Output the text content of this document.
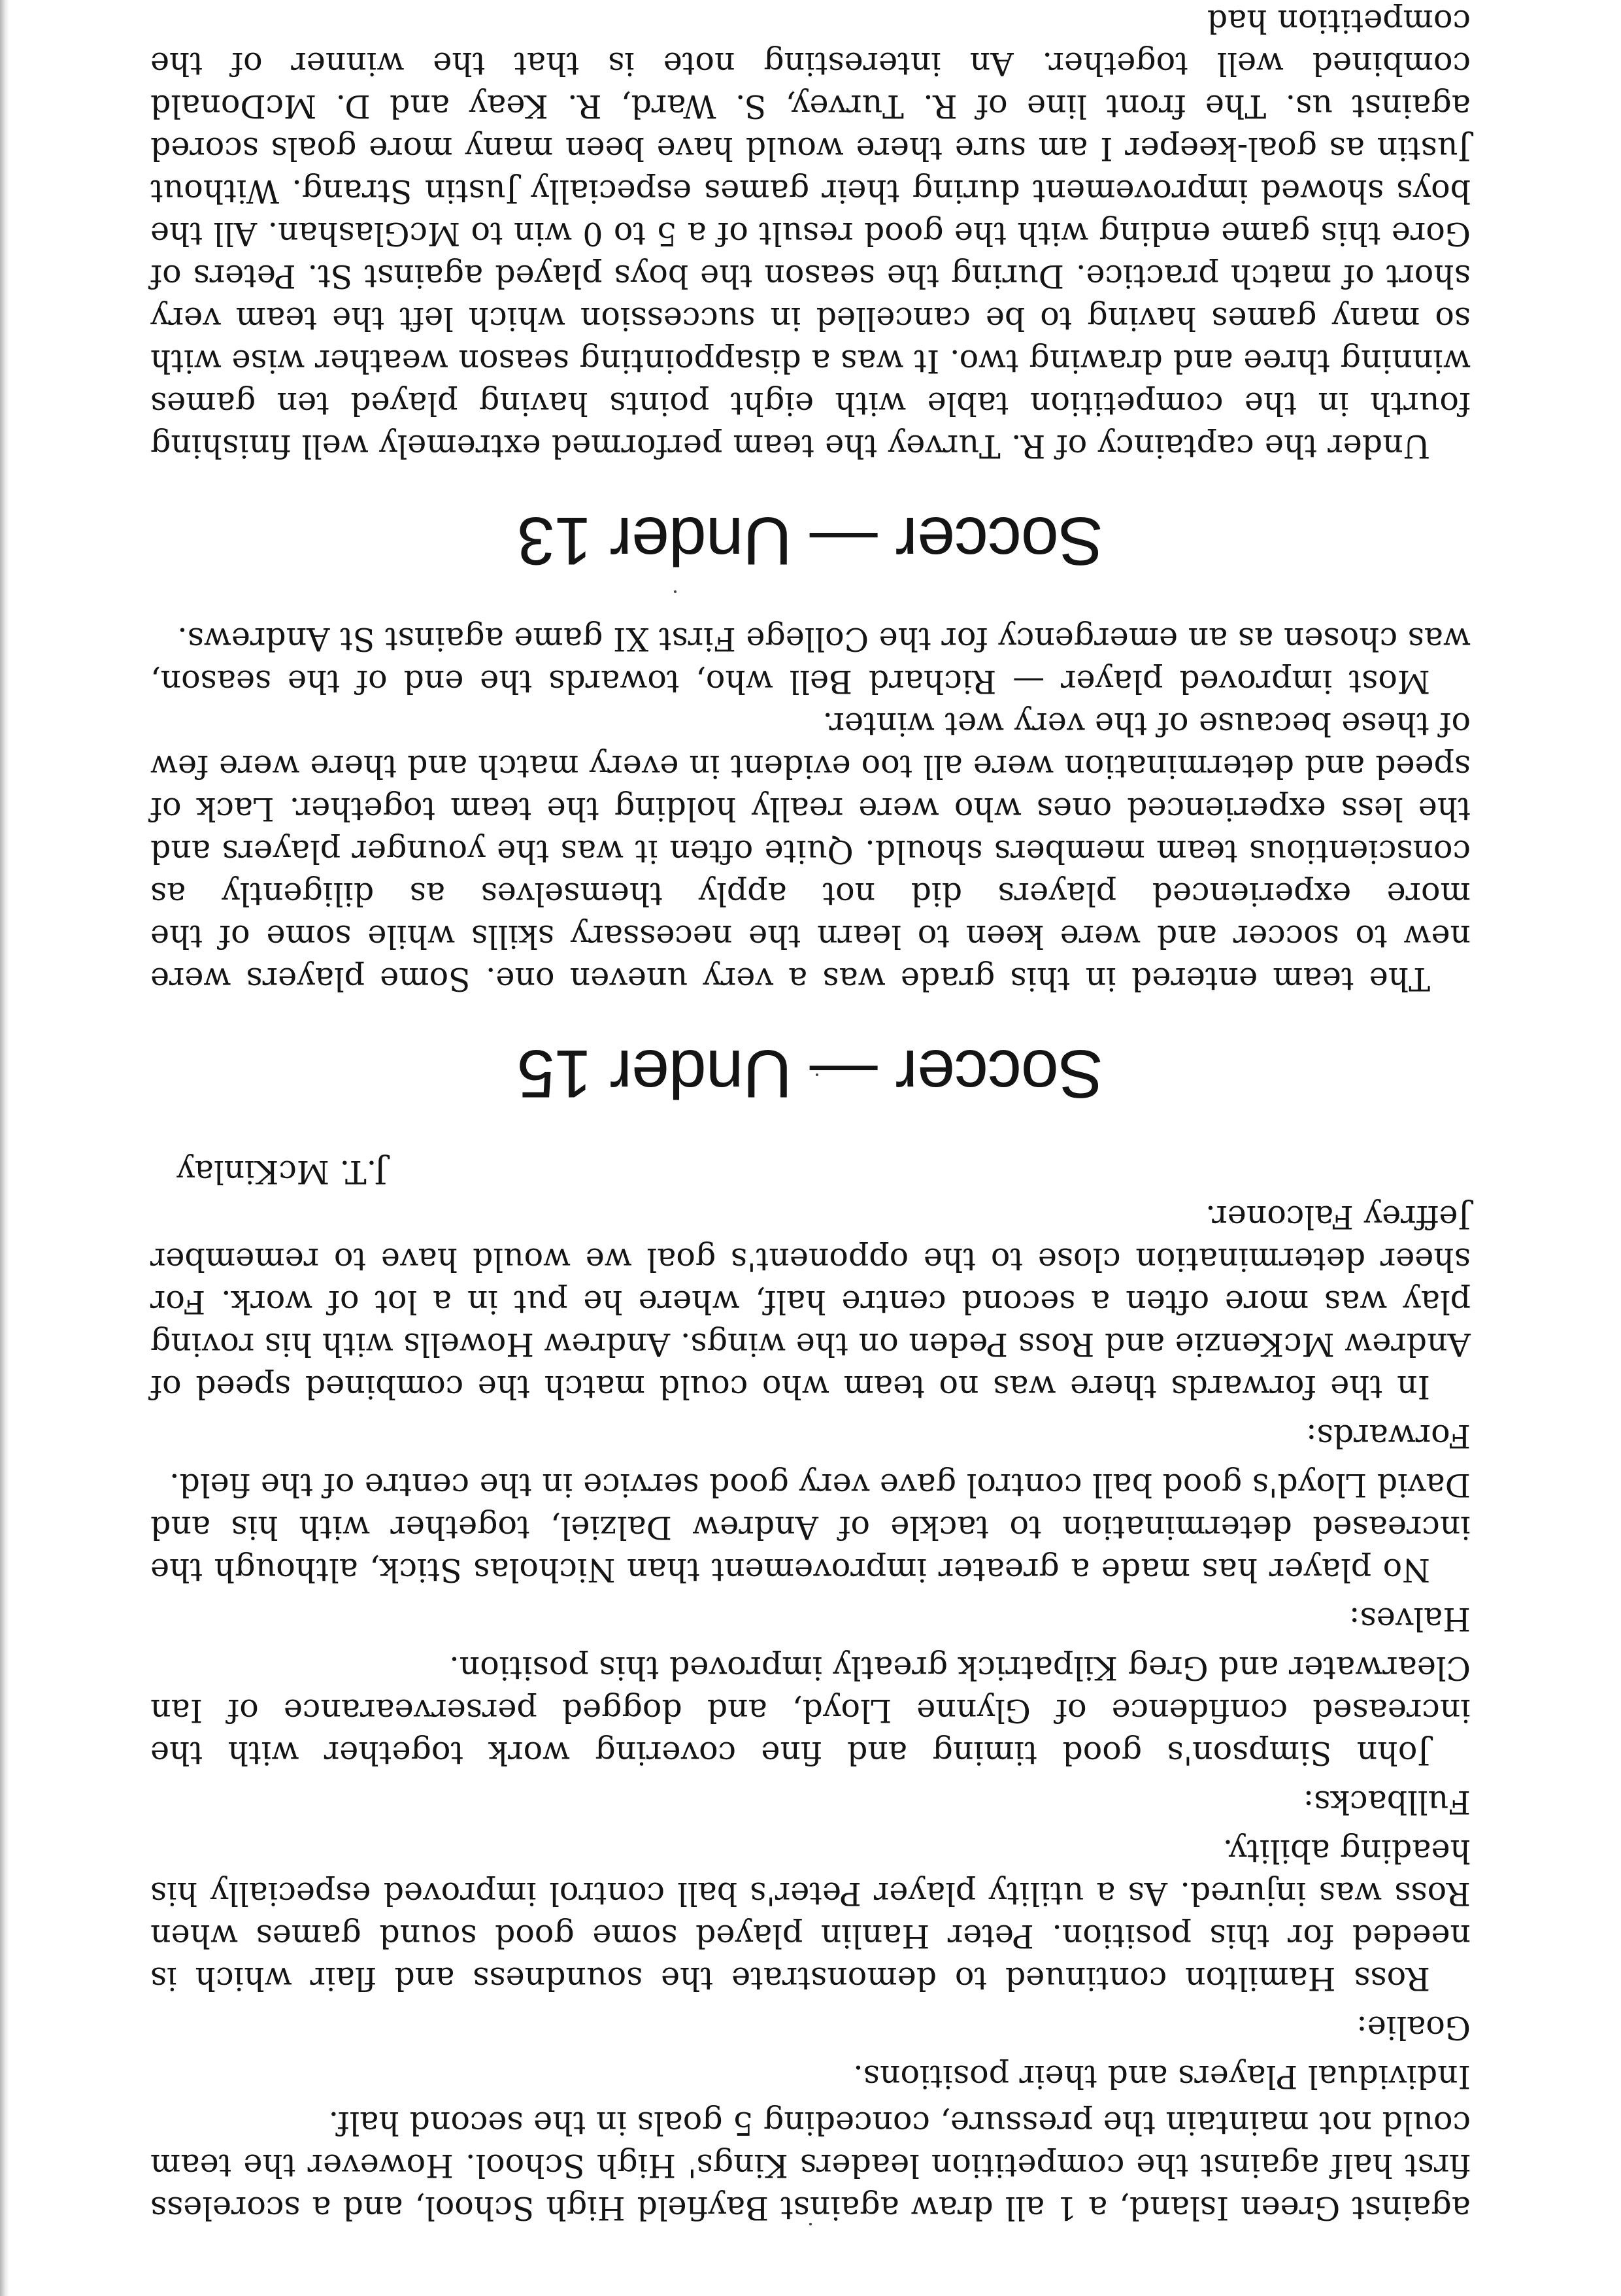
against Green Island, a 1 all draw against Bayfield High School, and a scoreless first half against the competition leaders Kings' High School. However the team could not maintain the pressure, conceding 5 goals in the second half.

Individual Players and their positions.

Goalie:

Ross Hamilton continued to demonstrate the soundness and flair which is needed for this position. Peter Hanlin played some good sound games when Ross was injured. As a utility player Peter's ball control improved especially his heading ability.

Fullbacks:

John Simpson's good timing and fine covering work together with the increased confidence of Glynne Lloyd, and dogged perservearance of Ian Clearwater and Greg Kilpatrick greatly improved this position.

Halves:

No player has made a greater improvement than Nicholas Stick, although the increased determination to tackle of Andrew Dalziel, together with his and David Lloyd's good ball control gave very good service in the centre of the field.

Forwards:

In the forwards there was no team who could match the combined speed of Andrew McKenzie and Ross Peden on the wings. Andrew Howells with his roving play was more often a second centre half, where he put in a lot of work. For sheer determination close to the opponent's goal we would have to remember Jeffrey Falconer.

J.T. McKinlay
Soccer — Under 15

The team entered in this grade was a very uneven one. Some players were new to soccer and were keen to learn the necessary skills while some of the more experienced players did not apply themselves as diligently as conscientious team members should. Quite often it was the younger players and the less experienced ones who were really holding the team together. Lack of speed and determination were all too evident in every match and there were few of these because of the very wet winter.

Most improved player — Richard Bell who, towards the end of the season, was chosen as an emergency for the College First XI game against St Andrews.

Soccer — Under 13

Under the captaincy of R. Turvey the team performed extremely well finishing fourth in the competition table with eight points having played ten games winning three and drawing two. It was a disappointing season weather wise with so many games having to be cancelled in succession which left the team very short of match practice. During the season the boys played against St. Peters of Gore this game ending with the good result of a 5 to 0 win to McGlashan. All the boys showed improvement during their games especially Justin Strang. Without Justin as goal-keeper I am sure there would have been many more goals scored against us. The front line of R. Turvey, S. Ward, R. Keay and D. McDonald combined well together. An interesting note is that the winner of the competition had
